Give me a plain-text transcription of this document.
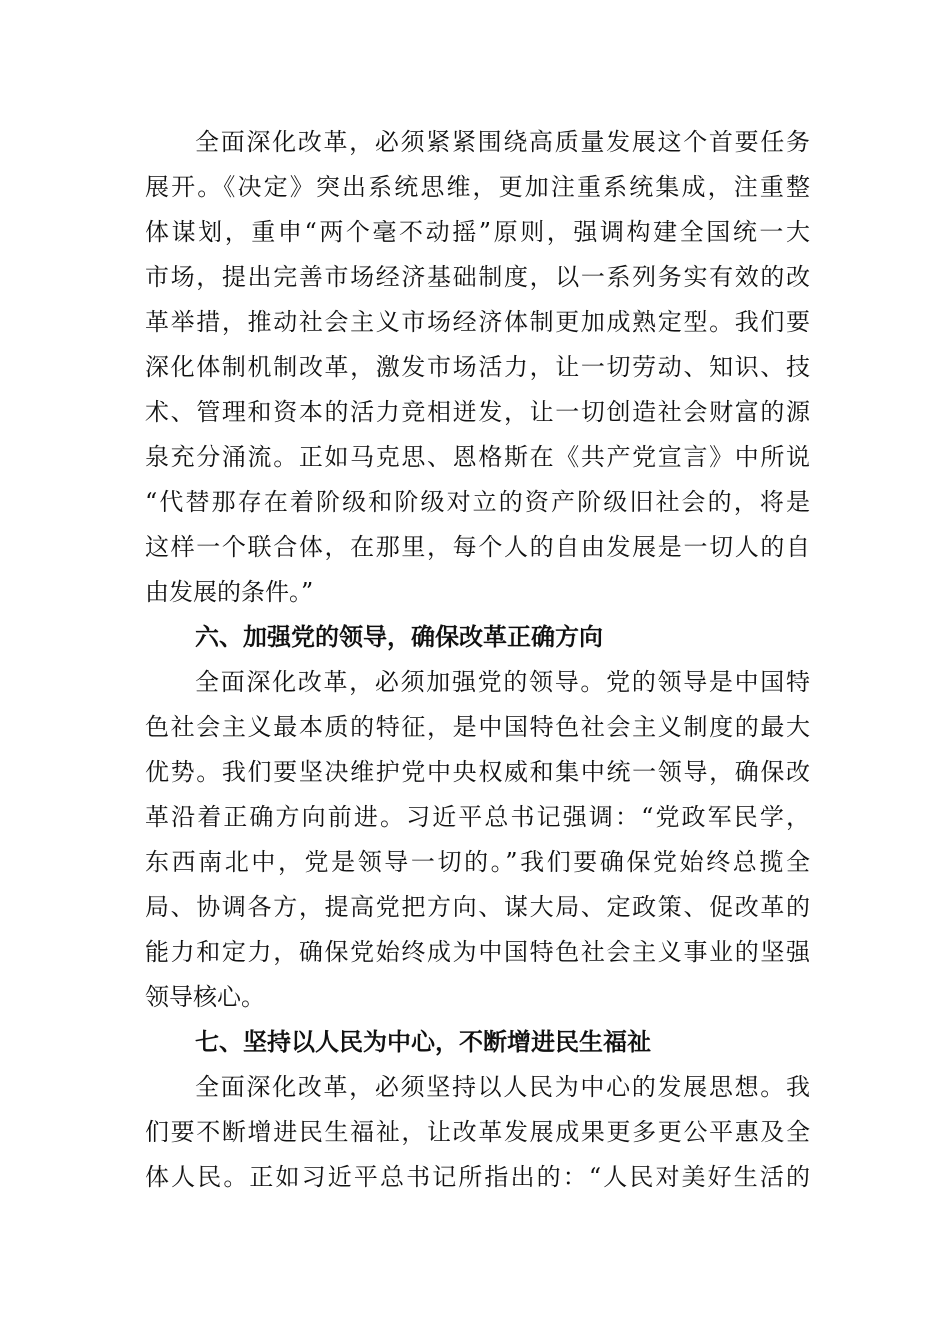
全面深化改革，必须紧紧围绕高质量发展这个首要任务
展开。《决定》突出系统思维，更加注重系统集成，注重整
体谋划，重申“两个毫不动摇”原则，强调构建全国统一大
市场，提出完善市场经济基础制度，以一系列务实有效的改
革举措，推动社会主义市场经济体制更加成熟定型。我们要
深化体制机制改革，激发市场活力，让一切劳动、知识、技
术、管理和资本的活力竞相迸发，让一切创造社会财富的源
泉充分涌流。正如马克思、恩格斯在《共产党宣言》中所说
“代替那存在着阶级和阶级对立的资产阶级旧社会的，将是
这样一个联合体，在那里，每个人的自由发展是一切人的自
由发展的条件。”
六、加强党的领导，确保改革正确方向
全面深化改革，必须加强党的领导。党的领导是中国特
色社会主义最本质的特征，是中国特色社会主义制度的最大
优势。我们要坚决维护党中央权威和集中统一领导，确保改
革沿着正确方向前进。习近平总书记强调：“党政军民学，
东西南北中，党是领导一切的。”我们要确保党始终总揽全
局、协调各方，提高党把方向、谋大局、定政策、促改革的
能力和定力，确保党始终成为中国特色社会主义事业的坚强
领导核心。
七、坚持以人民为中心，不断增进民生福祉
全面深化改革，必须坚持以人民为中心的发展思想。我
们要不断增进民生福祉，让改革发展成果更多更公平惠及全
体人民。正如习近平总书记所指出的：“人民对美好生活的
